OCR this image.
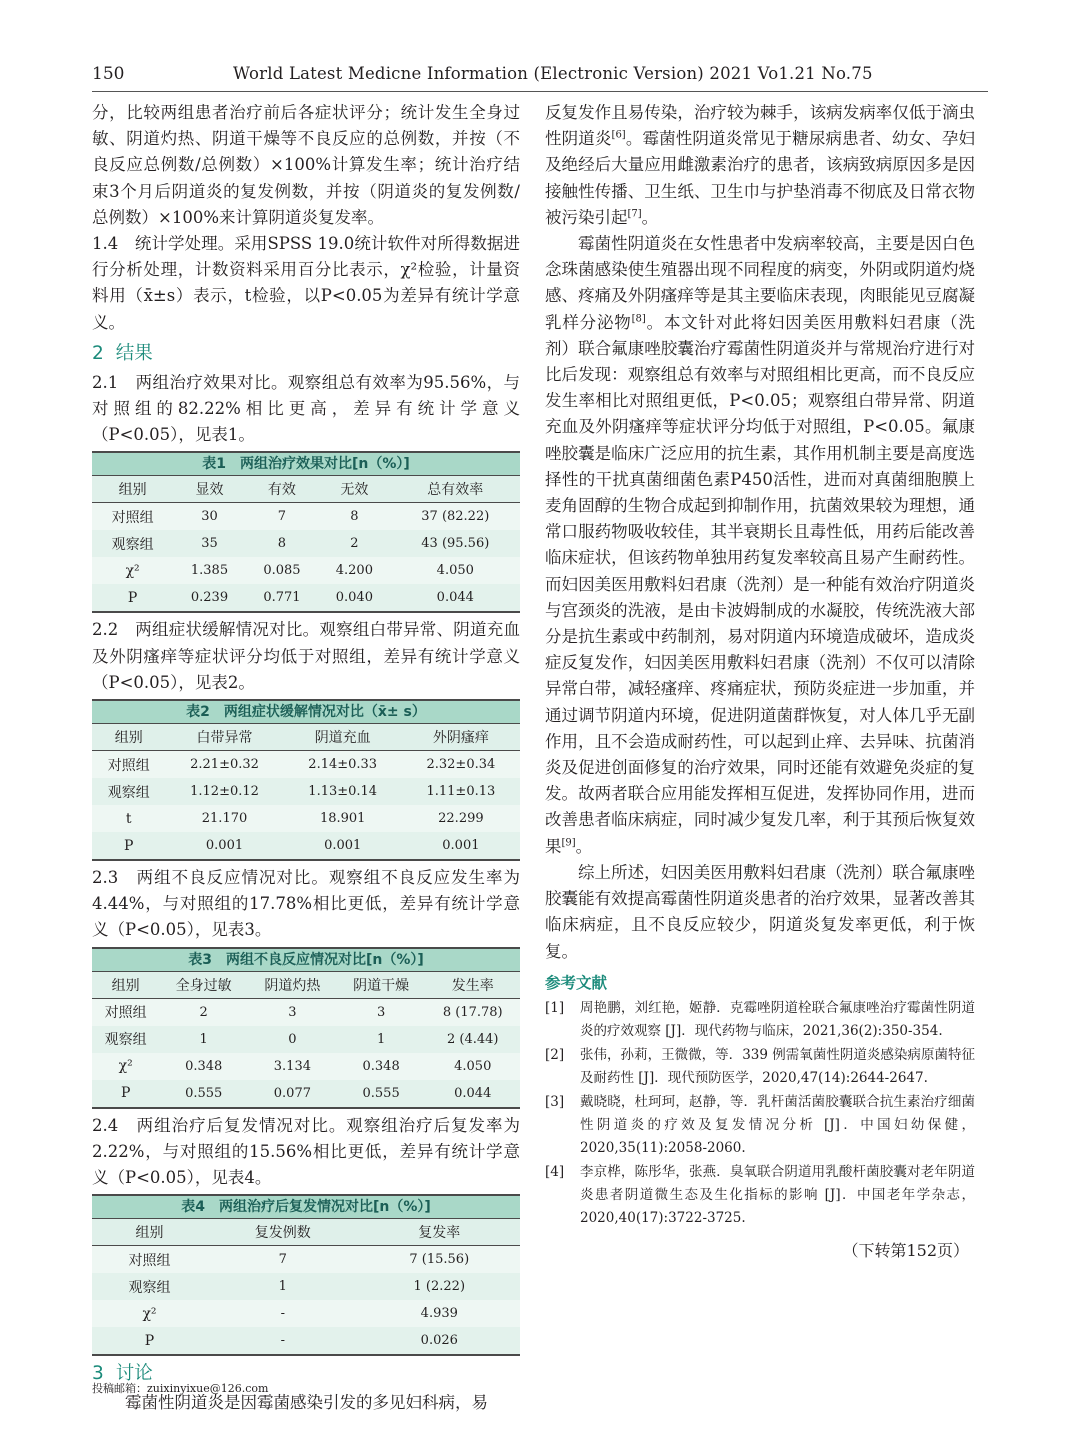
150	World Latest Medicne Information (Electronic Version) 2021 Vo1.21 No.75

分，比较两组患者治疗前后各症状评分；统计发生全身过敏、阴道灼热、阴道干燥等不良反应的总例数，并按（不良反应总例数/总例数）×100%计算发生率；统计治疗结束3个月后阴道炎的复发例数，并按（阴道炎的复发例数/总例数）×100%来计算阴道炎复发率。

1.4　统计学处理。采用SPSS 19.0统计软件对所得数据进行分析处理，计数资料采用百分比表示，χ²检验，计量资料用（x̄±s）表示，t检验，以P<0.05为差异有统计学意义。

2 结果

2.1　两组治疗效果对比。观察组总有效率为95.56%，与对照组的82.22%相比更高，差异有统计学意义（P<0.05），见表1。

表1　两组治疗效果对比[n（%）]
组别	显效	有效	无效	总有效率
对照组	30	7	8	37 (82.22)
观察组	35	8	2	43 (95.56)
χ²	1.385	0.085	4.200	4.050
P	0.239	0.771	0.040	0.044

2.2　两组症状缓解情况对比。观察组白带异常、阴道充血及外阴瘙痒等症状评分均低于对照组，差异有统计学意义（P<0.05），见表2。

表2　两组症状缓解情况对比（x̄± s）
组别	白带异常	阴道充血	外阴瘙痒
对照组	2.21±0.32	2.14±0.33	2.32±0.34
观察组	1.12±0.12	1.13±0.14	1.11±0.13
t	21.170	18.901	22.299
P	0.001	0.001	0.001

2.3　两组不良反应情况对比。观察组不良反应发生率为4.44%，与对照组的17.78%相比更低，差异有统计学意义（P<0.05），见表3。

表3　两组不良反应情况对比[n（%）]
组别	全身过敏	阴道灼热	阴道干燥	发生率
对照组	2	3	3	8 (17.78)
观察组	1	0	1	2 (4.44)
χ²	0.348	3.134	0.348	4.050
P	0.555	0.077	0.555	0.044

2.4　两组治疗后复发情况对比。观察组治疗后复发率为2.22%，与对照组的15.56%相比更低，差异有统计学意义（P<0.05），见表4。

表4　两组治疗后复发情况对比[n（%）]
组别	复发例数	复发率
对照组	7	7 (15.56)
观察组	1	1 (2.22)
χ²	-	4.939
P	-	0.026
3 讨论

霉菌性阴道炎是因霉菌感染引发的多见妇科病，易

反复发作且易传染，治疗较为棘手，该病发病率仅低于滴虫性阴道炎[6]。霉菌性阴道炎常见于糖尿病患者、幼女、孕妇及绝经后大量应用雌激素治疗的患者，该病致病原因多是因接触性传播、卫生纸、卫生巾与护垫消毒不彻底及日常衣物被污染引起[7]。

霉菌性阴道炎在女性患者中发病率较高，主要是因白色念珠菌感染使生殖器出现不同程度的病变，外阴或阴道灼烧感、疼痛及外阴瘙痒等是其主要临床表现，肉眼能见豆腐凝乳样分泌物[8]。本文针对此将妇因美医用敷料妇君康（洗剂）联合氟康唑胶囊治疗霉菌性阴道炎并与常规治疗进行对比后发现：观察组总有效率与对照组相比更高，而不良反应发生率相比对照组更低，P<0.05；观察组白带异常、阴道充血及外阴瘙痒等症状评分均低于对照组，P<0.05。氟康唑胶囊是临床广泛应用的抗生素，其作用机制主要是高度选择性的干扰真菌细菌色素P450活性，进而对真菌细胞膜上麦角固醇的生物合成起到抑制作用，抗菌效果较为理想，通常口服药物吸收较佳，其半衰期长且毒性低，用药后能改善临床症状，但该药物单独用药复发率较高且易产生耐药性。而妇因美医用敷料妇君康（洗剂）是一种能有效治疗阴道炎与宫颈炎的洗液，是由卡波姆制成的水凝胶，传统洗液大部分是抗生素或中药制剂，易对阴道内环境造成破坏，造成炎症反复发作，妇因美医用敷料妇君康（洗剂）不仅可以清除异常白带，减轻瘙痒、疼痛症状，预防炎症进一步加重，并通过调节阴道内环境，促进阴道菌群恢复，对人体几乎无副作用，且不会造成耐药性，可以起到止痒、去异味、抗菌消炎及促进创面修复的治疗效果，同时还能有效避免炎症的复发。故两者联合应用能发挥相互促进，发挥协同作用，进而改善患者临床病症，同时减少复发几率，利于其预后恢复效果[9]。

综上所述，妇因美医用敷料妇君康（洗剂）联合氟康唑胶囊能有效提高霉菌性阴道炎患者的治疗效果，显著改善其临床病症，且不良反应较少，阴道炎复发率更低，利于恢复。

参考文献
[1] 周艳鹏，刘红艳，姬静．克霉唑阴道栓联合氟康唑治疗霉菌性阴道炎的疗效观察 [J]．现代药物与临床，2021,36(2):350-354.
[2] 张伟，孙莉，王微微，等．339 例需氧菌性阴道炎感染病原菌特征及耐药性 [J]．现代预防医学，2020,47(14):2644-2647.
[3] 戴晓晓，杜珂珂，赵静，等．乳杆菌活菌胶囊联合抗生素治疗细菌性阴道炎的疗效及复发情况分析 [J]．中国妇幼保健，2020,35(11):2058-2060.
[4] 李京桦，陈彤华，张燕．臭氧联合阴道用乳酸杆菌胶囊对老年阴道炎患者阴道微生态及生化指标的影响 [J]．中国老年学杂志，2020,40(17):3722-3725.
（下转第152页）
投稿邮箱：zuixinyixue@126.com
